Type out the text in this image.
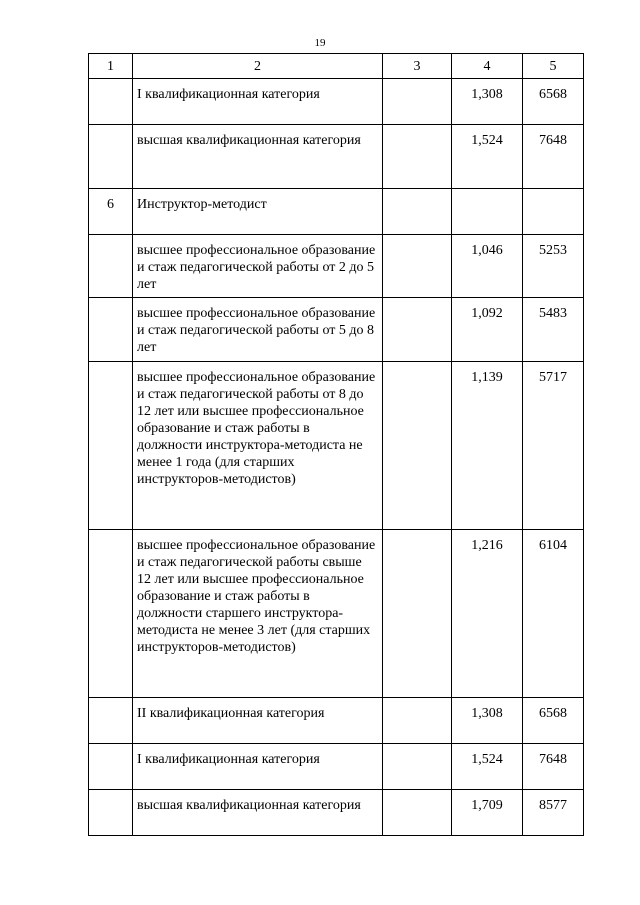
19
1	2	3	4	5

	I квалификационная категория		1,308	6568

	высшая квалификационная категория		1,524	7648

6	Инструктор-методист			

	высшее профессиональное образование и стаж педагогической работы от 2 до 5 лет		1,046	5253

	высшее профессиональное образование и стаж педагогической работы от 5 до 8 лет		1,092	5483

	высшее профессиональное образование и стаж педагогической работы от 8 до 12 лет или высшее профессиональное образование и стаж работы в должности инструктора-методиста не менее 1 года (для старших инструкторов-методистов)		1,139	5717

	высшее профессиональное образование и стаж педагогической работы свыше 12 лет или высшее профессиональное образование и стаж работы в должности старшего инструктора-методиста не менее 3 лет (для старших инструкторов-методистов)		1,216	6104

	II квалификационная категория		1,308	6568

	I квалификационная категория		1,524	7648

	высшая квалификационная категория		1,709	8577
